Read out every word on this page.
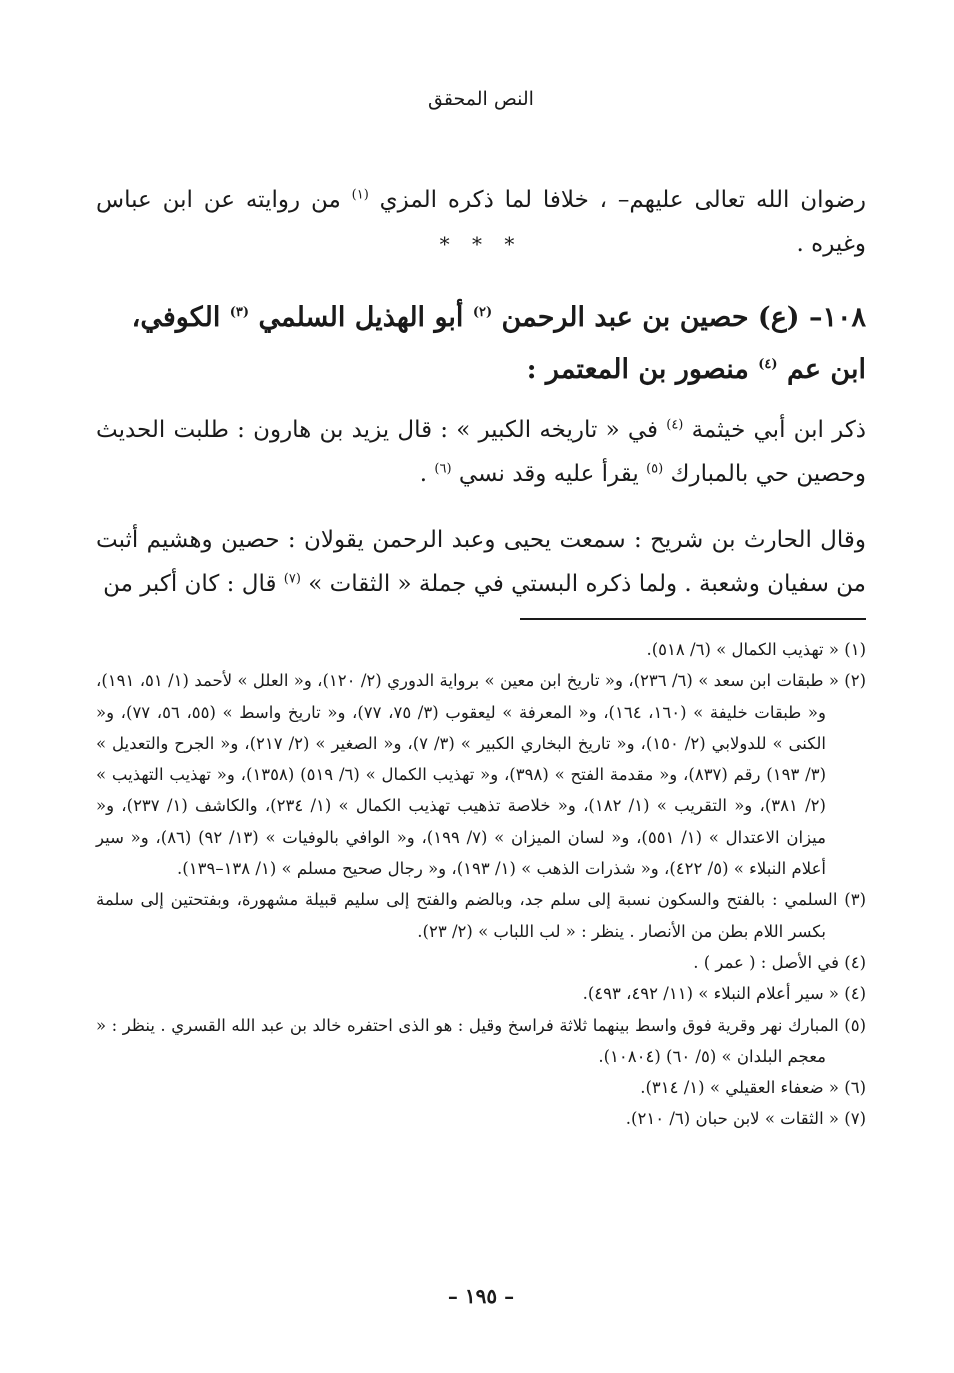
النص المحقق

رضوان الله تعالى عليهم– ، خلافا لما ذكره المزي $^{(١)}$ من روايته عن ابن عباس وغيره .

* * *

١٠٨– (ع) حصين بن عبد الرحمن $^{(٢)}$ أبو الهذيل السلمي $^{(٣)}$ الكوفي، ابن عم $^{(٤)}$ منصور بن المعتمر :

ذكر ابن أبي خيثمة $^{(٤)}$ في « تاريخه الكبير » : قال يزيد بن هارون : طلبت الحديث وحصين حي بالمبارك $^{(٥)}$ يقرأ عليه وقد نسي $^{(٦)}$ .

وقال الحارث بن شريح : سمعت يحيى وعبد الرحمن يقولان : حصين وهشيم أثبت من سفيان وشعبة . ولما ذكره البستي في جملة « الثقات » $^{(٧)}$ قال : كان أكبر من

(١) « تهذيب الكمال » (٦/ ٥١٨).

(٢) « طبقات ابن سعد » (٦/ ٢٣٦)، و« تاريخ ابن معين » برواية الدوري (٢/ ١٢٠)، و« العلل » لأحمد (١/ ٥١، ١٩١)، و« طبقات خليفة » (١٦٠، ١٦٤)، و« المعرفة » ليعقوب (٣/ ٧٥، ٧٧)، و« تاريخ واسط » (٥٥، ٥٦، ٧٧)، و« الكنى » للدولابي (٢/ ١٥٠)، و« تاريخ البخاري الكبير » (٣/ ٧)، و« الصغير » (٢/ ٢١٧)، و« الجرح والتعديل » (٣/ ١٩٣) رقم (٨٣٧)، و« مقدمة الفتح » (٣٩٨)، و« تهذيب الكمال » (٦/ ٥١٩) (١٣٥٨)، و« تهذيب التهذيب » (٢/ ٣٨١)، و« التقريب » (١/ ١٨٢)، و« خلاصة تذهيب تهذيب الكمال » (١/ ٢٣٤)، والكاشف (١/ ٢٣٧)، و« ميزان الاعتدال » (١/ ٥٥١)، و« لسان الميزان » (٧/ ١٩٩)، و« الوافي بالوفيات » (١٣/ ٩٢) (٨٦)، و« سير أعلام النبلاء » (٥/ ٤٢٢)، و« شذرات الذهب » (١/ ١٩٣)، و« رجال صحيح مسلم » (١/ ١٣٨–١٣٩).

(٣) السلمي : بالفتح والسكون نسبة إلى سلم جد، وبالضم والفتح إلى سليم قبيلة مشهورة، وبفتحتين إلى سلمة بكسر اللام بطن من الأنصار . ينظر : « لب اللباب » (٢/ ٢٣).

(٤) في الأصل : ( عمر ) .

(٤) « سير أعلام النبلاء » (١١/ ٤٩٢، ٤٩٣).

(٥) المبارك نهر وقرية فوق واسط بينهما ثلاثة فراسخ وقيل : هو الذى احتفره خالد بن عبد الله القسري . ينظر : « معجم البلدان » (٥/ ٦٠) (١٠٨٠٤).

(٦) « ضعفاء العقيلي » (١/ ٣١٤).

(٧) « الثقات » لابن حبان (٦/ ٢١٠).

– ١٩٥ –
